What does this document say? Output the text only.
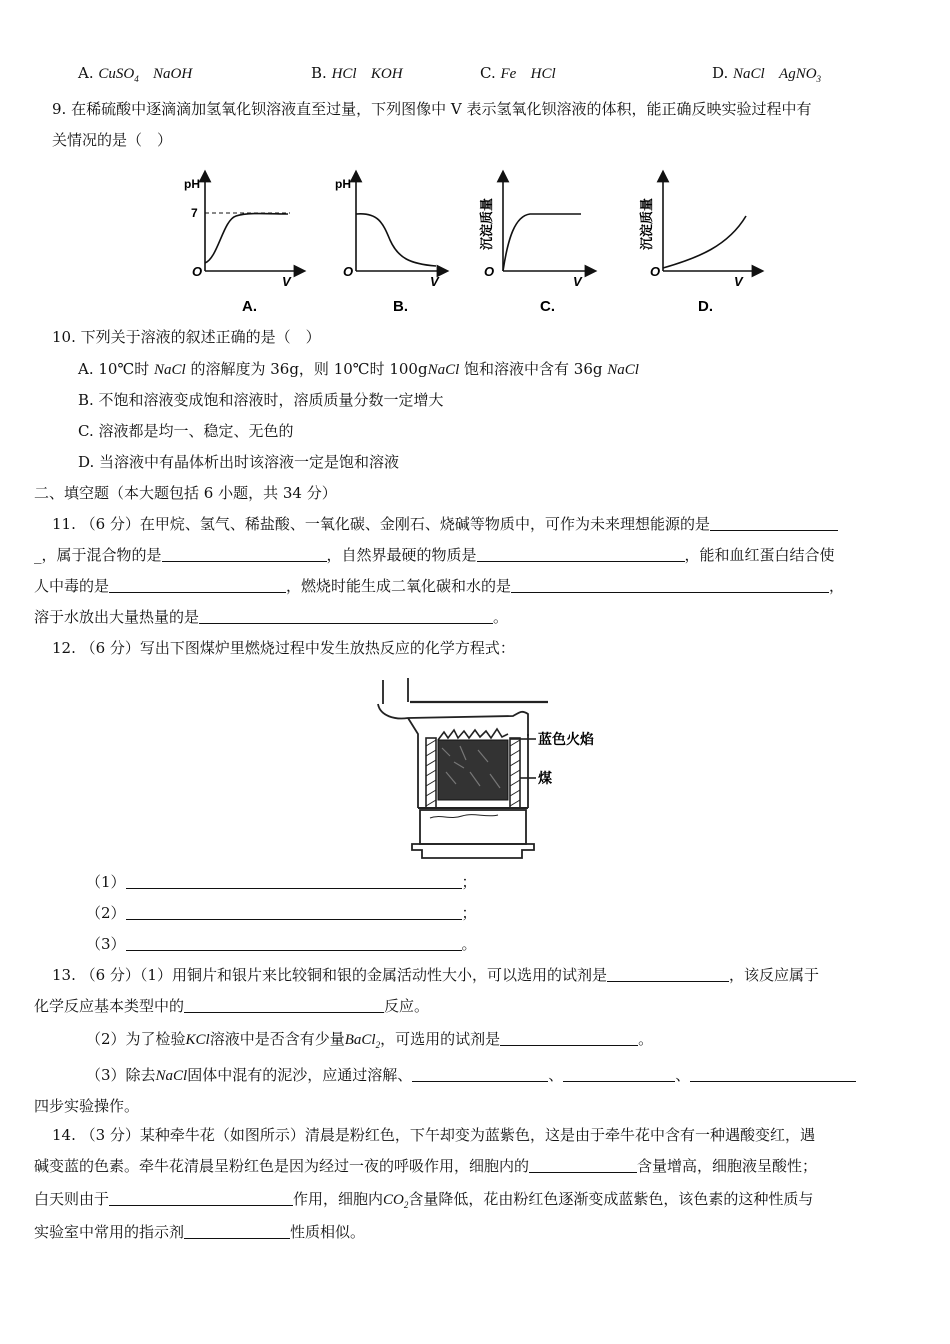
A. CuSO$_4$ NaOH	B. HCl KOH	C. Fe HCl	D. NaCl AgNO$_3$
9. 在稀硫酸中逐滴滴加氢氧化钡溶液直至过量，下列图像中 V 表示氢氧化钡溶液的体积，能正确反映实验过程中有
关情况的是（　）
pH
7
O
V
A.
pH
O
V
B.
沉淀质量
O
V
C.
沉淀质量
O
V
D.
10. 下列关于溶液的叙述正确的是（　）
A. 10℃时 NaCl 的溶解度为 36g，则 10℃时 100gNaCl 饱和溶液中含有 36g NaCl
B. 不饱和溶液变成饱和溶液时，溶质质量分数一定增大
C. 溶液都是均一、稳定、无色的
D. 当溶液中有晶体析出时该溶液一定是饱和溶液
二、填空题（本大题包括 6 小题，共 34 分）
11. （6 分）在甲烷、氢气、稀盐酸、一氧化碳、金刚石、烧碱等物质中，可作为未来理想能源的是
_，属于混合物的是	，自然界最硬的物质是	，能和血红蛋白结合使
人中毒的是	，燃烧时能生成二氧化碳和水的是	，
溶于水放出大量热量的是	。
12. （6 分）写出下图煤炉里燃烧过程中发生放热反应的化学方程式：
蓝色火焰
煤
（1）	；
（2）	；
（3）	。
13. （6 分）（1）用铜片和银片来比较铜和银的金属活动性大小，可以选用的试剂是	，该反应属于
化学反应基本类型中的	反应。
（2）为了检验KCl溶液中是否含有少量BaCl$_2$，可选用的试剂是	。
（3）除去NaCl固体中混有的泥沙，应通过溶解、	、	、
四步实验操作。
14. （3 分）某种牵牛花（如图所示）清晨是粉红色，下午却变为蓝紫色，这是由于牵牛花中含有一种遇酸变红，遇
碱变蓝的色素。牵牛花清晨呈粉红色是因为经过一夜的呼吸作用，细胞内的	含量增高，细胞液呈酸性；
白天则由于	作用，细胞内$CO_2$含量降低，花由粉红色逐渐变成蓝紫色，该色素的这种性质与
实验室中常用的指示剂	性质相似。
